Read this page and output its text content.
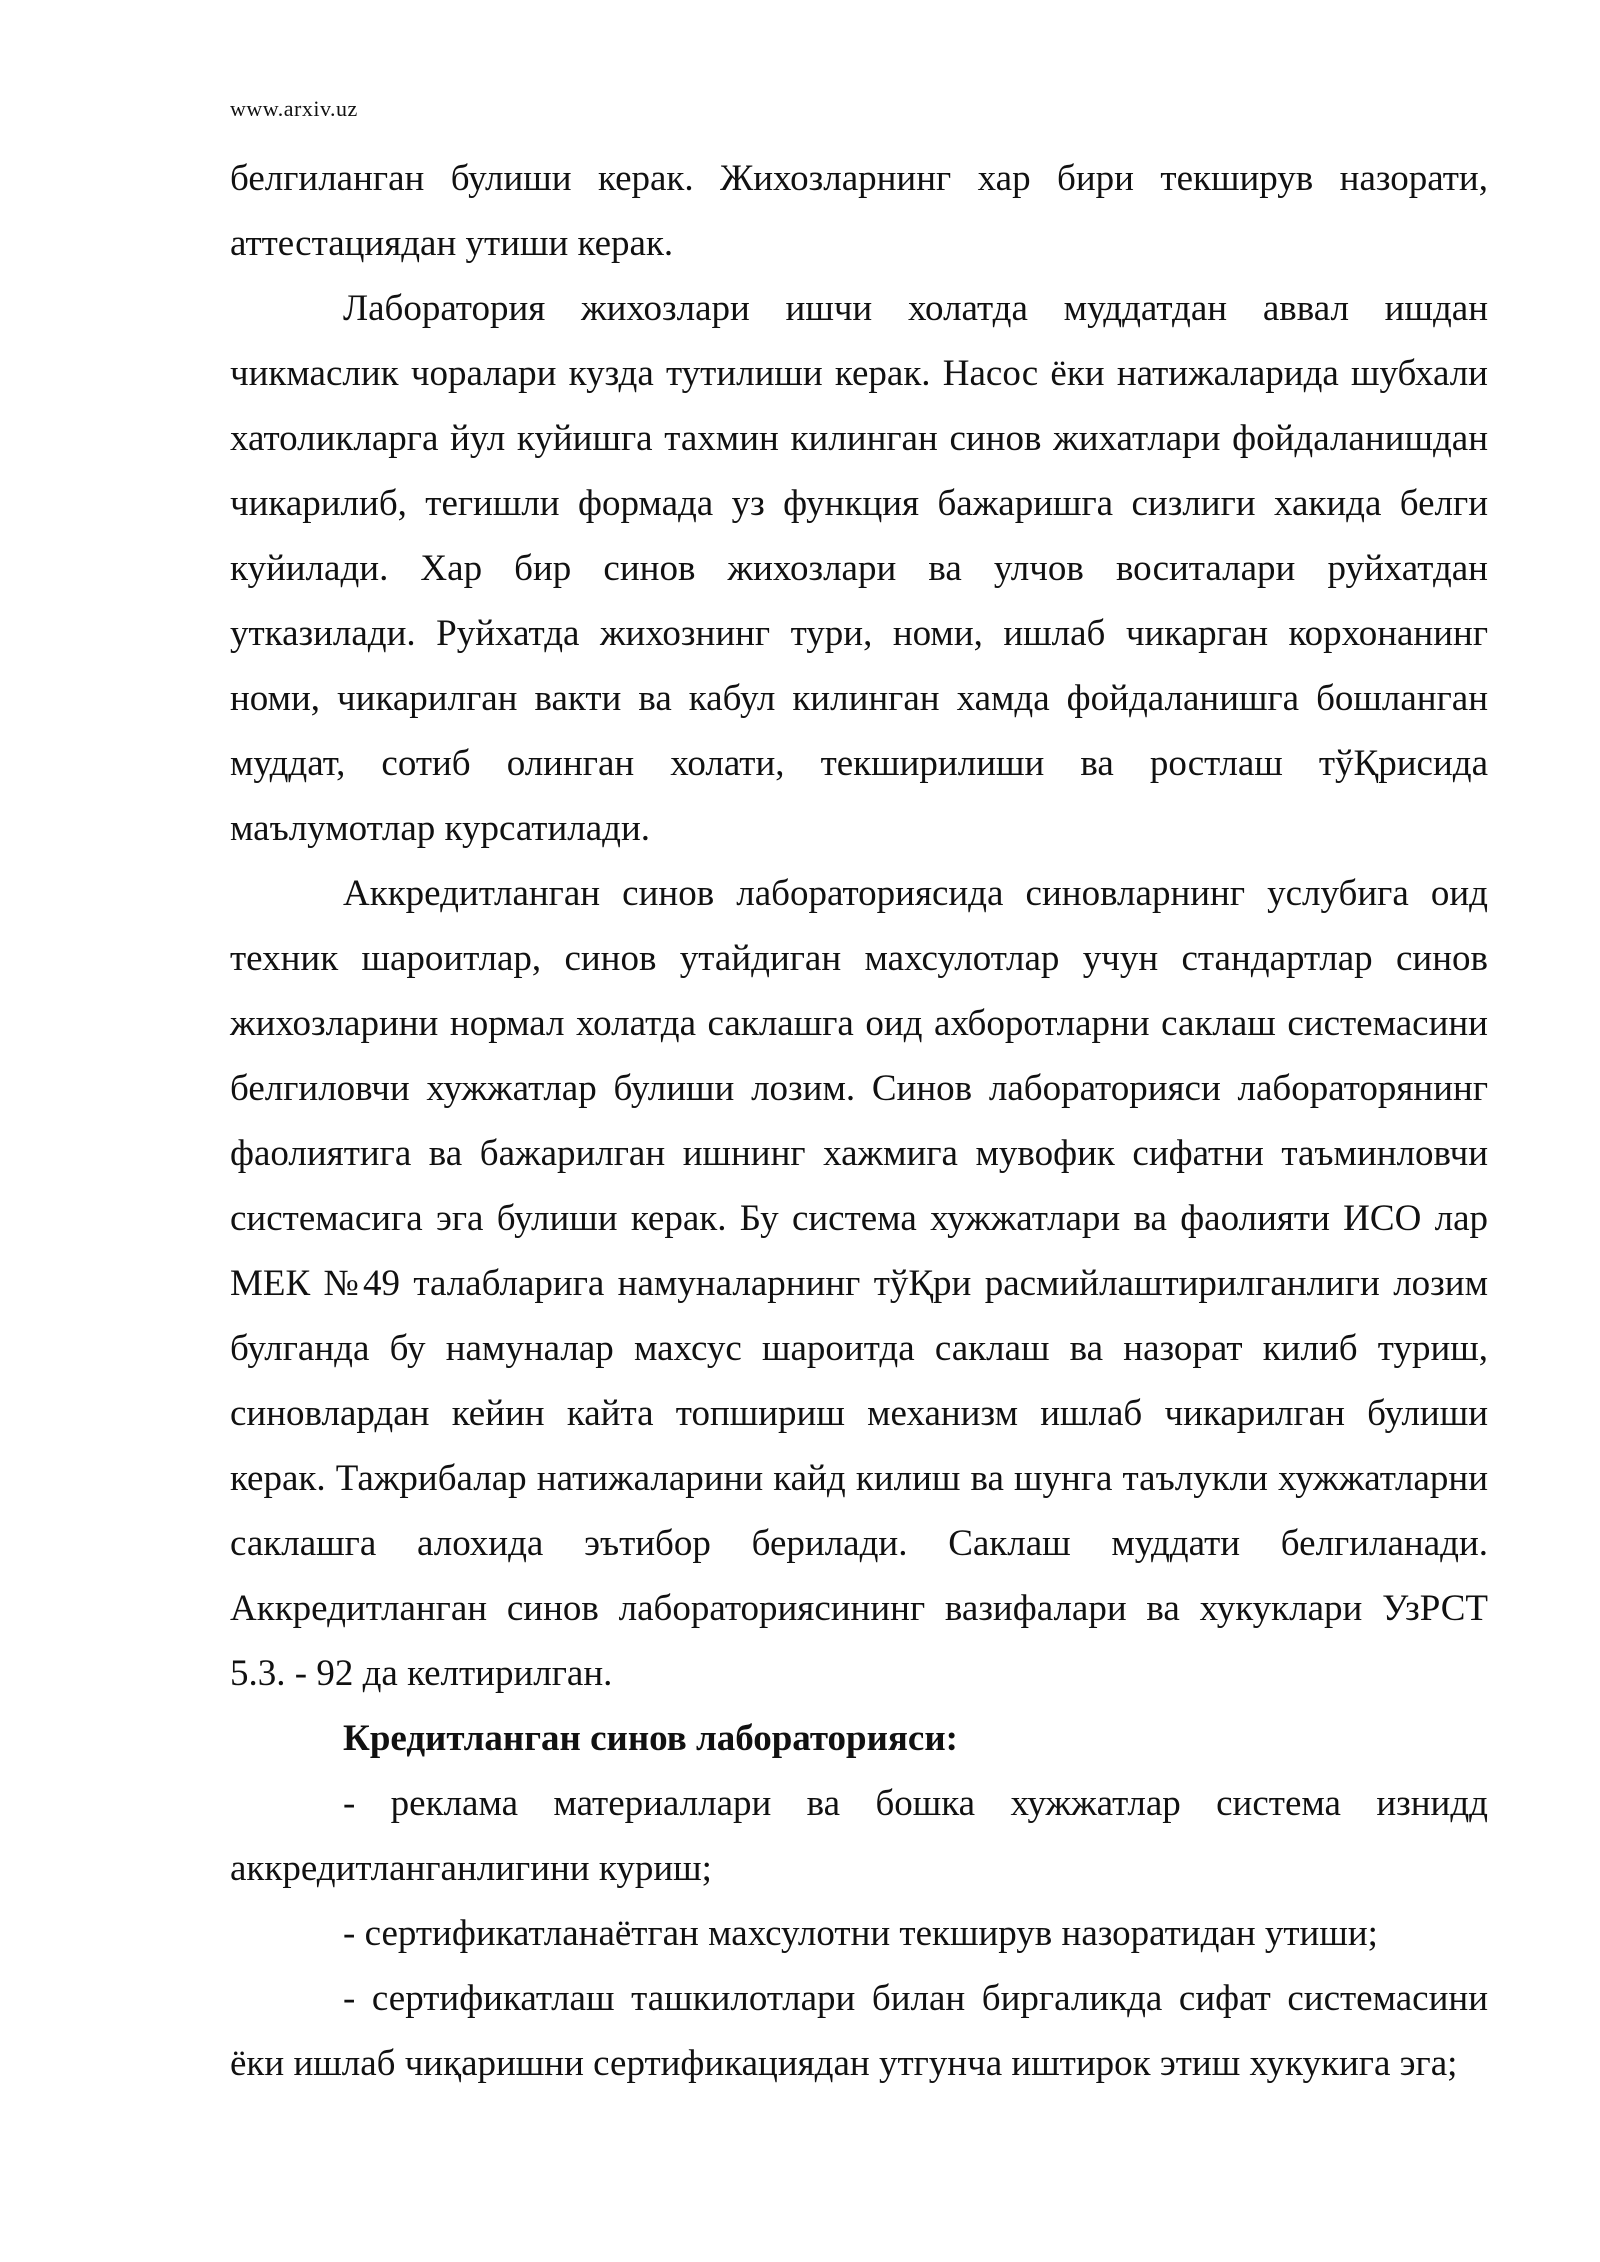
www.arxiv.uz

белгиланган булиши керак. Жихозларнинг хар бири текширув назорати, аттестациядан утиши керак.

Лаборатория жихозлари ишчи холатда муддатдан аввал ишдан чикмаслик чоралари кузда тутилиши керак. Насос ёки натижаларида шубхали хатоликларга йул куйишга тахмин килинган синов жихатлари фойдаланишдан чикарилиб, тегишли формада уз функция бажаришга сизлиги хакида белги куйилади. Хар бир синов жихозлари ва улчов воситалари руйхатдан утказилади. Руйхатда жихознинг тури, номи, ишлаб чикарган корхонанинг номи, чикарилган вакти ва кабул килинган хамда фойдаланишга бошланган муддат, сотиб олинган холати, текширилиши ва ростлаш тўҚрисида маълумотлар курсатилади.

Аккредитланган синов лабораториясида синовларнинг услубига оид техник шароитлар, синов утайдиган махсулотлар учун стандартлар синов жихозларини нормал холатда саклашга оид ахборотларни саклаш системасини белгиловчи хужжатлар булиши лозим. Синов лабораторияси лабораторянинг фаолиятига ва бажарилган ишнинг хажмига мувофик сифатни таъминловчи системасига эга булиши керак. Бу система хужжатлари ва фаолияти ИСО лар МЕК №49 талабларига намуналарнинг тўҚри расмийлаштирилганлиги лозим булганда бу намуналар махсус шароитда саклаш ва назорат килиб туриш, синовлардан кейин кайта топшириш механизм ишлаб чикарилган булиши керак. Тажрибалар натижаларини кайд килиш ва шунга таълукли хужжатларни саклашга алохида эътибор берилади. Саклаш муддати белгиланади. Аккредитланган синов лабораториясининг вазифалари ва хукуклари УзРСТ 5.3. - 92 да келтирилган.

Кредитланган синов лабораторияси:

- реклама материаллари ва бошка хужжатлар система изнидд аккредитланганлигини куриш;

- сертификатланаётган махсулотни текширув назоратидан утиши;

- сертификатлаш ташкилотлари билан биргаликда сифат системасини ёки ишлаб чиқаришни сертификациядан утгунча иштирок этиш хукукига эга;
